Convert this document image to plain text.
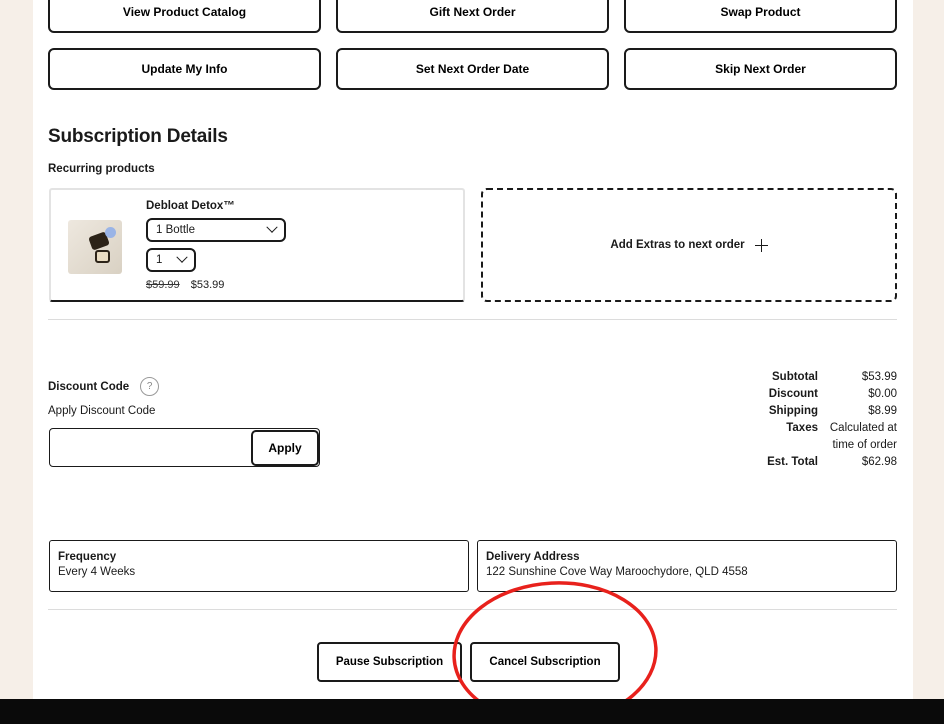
View Product Catalog	Gift Next Order	Swap Product
Update My Info	Set Next Order Date	Skip Next Order
Subscription Details
Recurring products
Debloat Detox™
1 Bottle
1
$59.99 $53.99
Add Extras to next order
Discount Code	?
Apply Discount Code
Apply
Subtotal	$53.99
Discount	$0.00
Shipping	$8.99
Taxes	Calculated at time of order
Est. Total	$62.98
Frequency
Every 4 Weeks
Delivery Address
122 Sunshine Cove Way Maroochydore, QLD 4558
Pause Subscription	Cancel Subscription
